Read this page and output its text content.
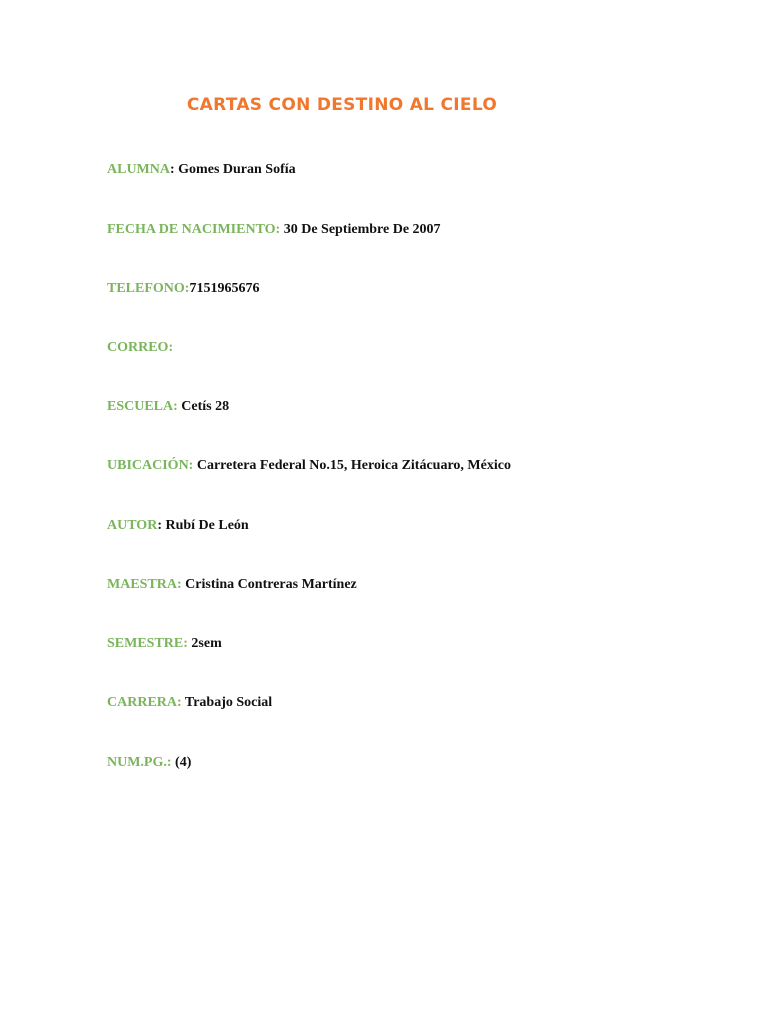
CARTAS CON DESTINO AL CIELO
ALUMNA: Gomes Duran Sofía
FECHA DE NACIMIENTO: 30 De Septiembre De 2007
TELEFONO:7151965676
CORREO:
ESCUELA: Cetís 28
UBICACIÓN: Carretera Federal No.15, Heroica Zitácuaro, México
AUTOR: Rubí De León
MAESTRA: Cristina Contreras Martínez
SEMESTRE: 2sem
CARRERA: Trabajo Social
NUM.PG.: (4)
